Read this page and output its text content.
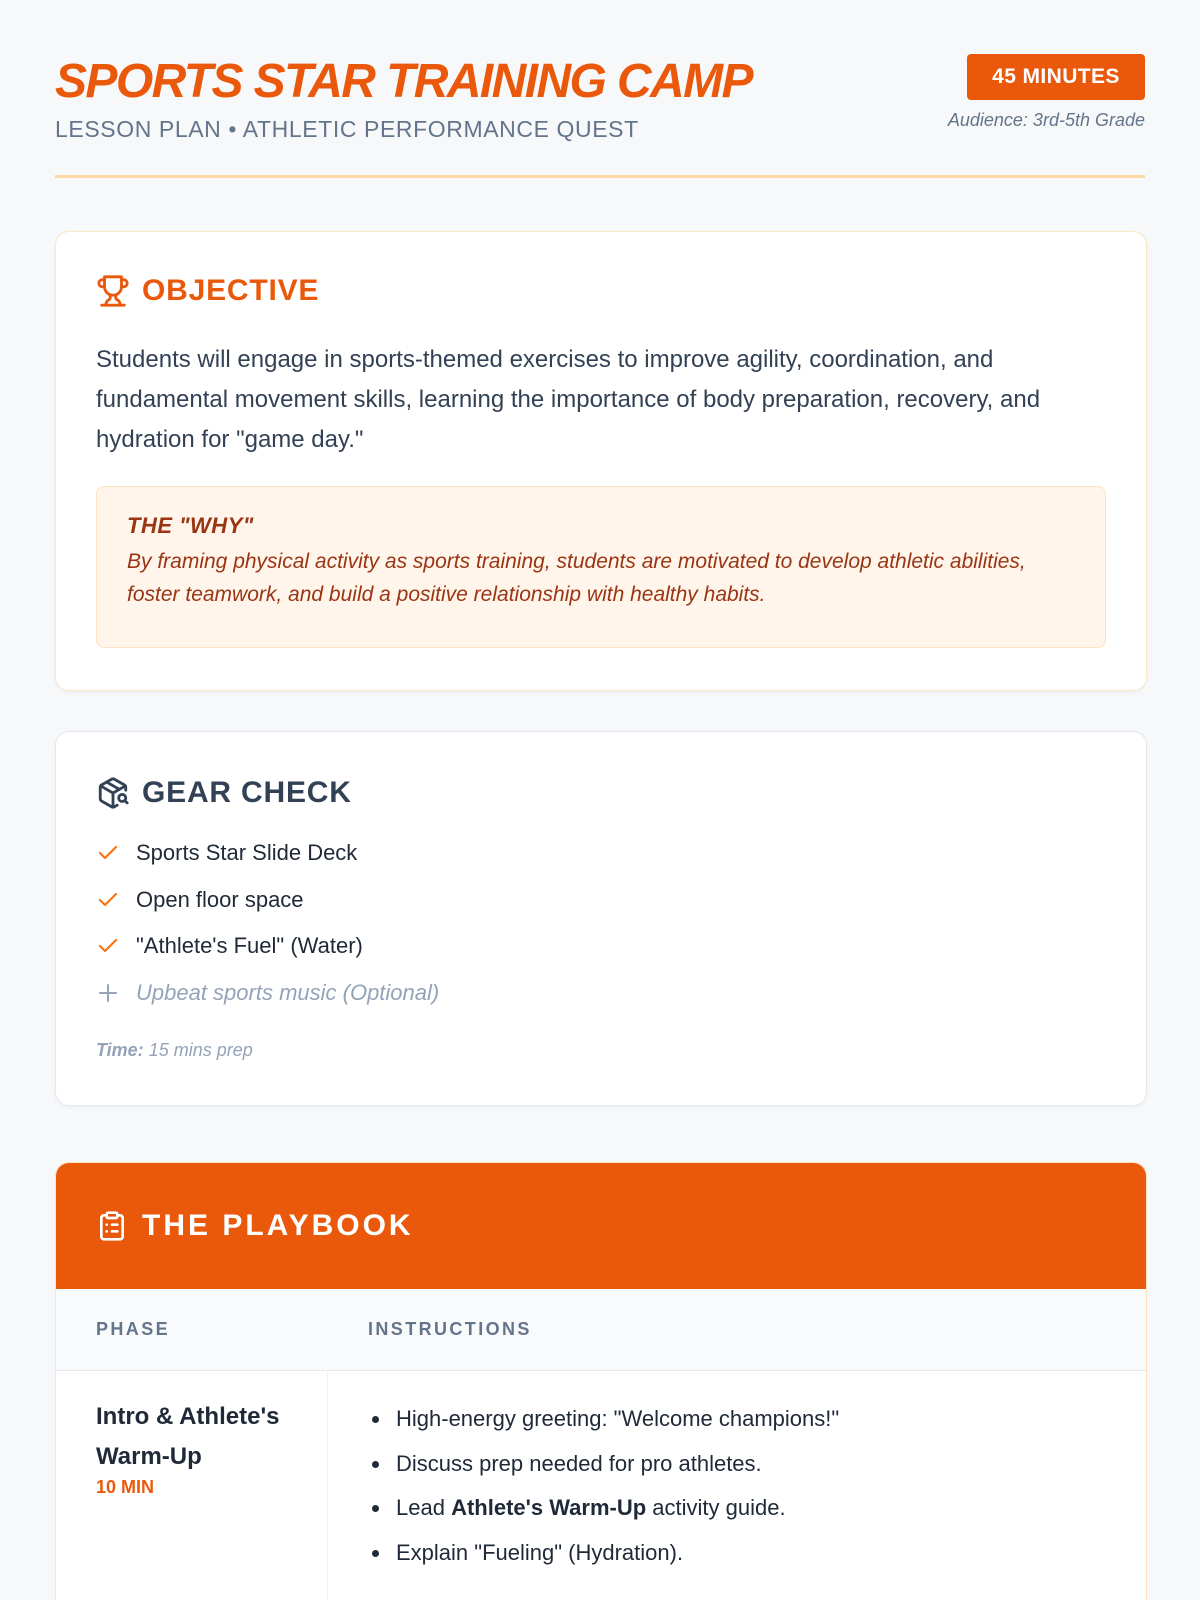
SPORTS STAR TRAINING CAMP
LESSON PLAN • ATHLETIC PERFORMANCE QUEST
45 MINUTES
Audience: 3rd-5th Grade
OBJECTIVE

Students will engage in sports-themed exercises to improve agility, coordination, and fundamental movement skills, learning the importance of body preparation, recovery, and hydration for "game day."

THE "WHY"
By framing physical activity as sports training, students are motivated to develop athletic abilities, foster teamwork, and build a positive relationship with healthy habits.
GEAR CHECK
Sports Star Slide Deck
Open floor space
"Athlete's Fuel" (Water)
Upbeat sports music (Optional)
Time: 15 mins prep
THE PLAYBOOK
PHASE	INSTRUCTIONS
Intro & Athlete's Warm-Up
10 MIN
High-energy greeting: "Welcome champions!"
Discuss prep needed for pro athletes.
Lead Athlete's Warm-Up activity guide.
Explain "Fueling" (Hydration).
